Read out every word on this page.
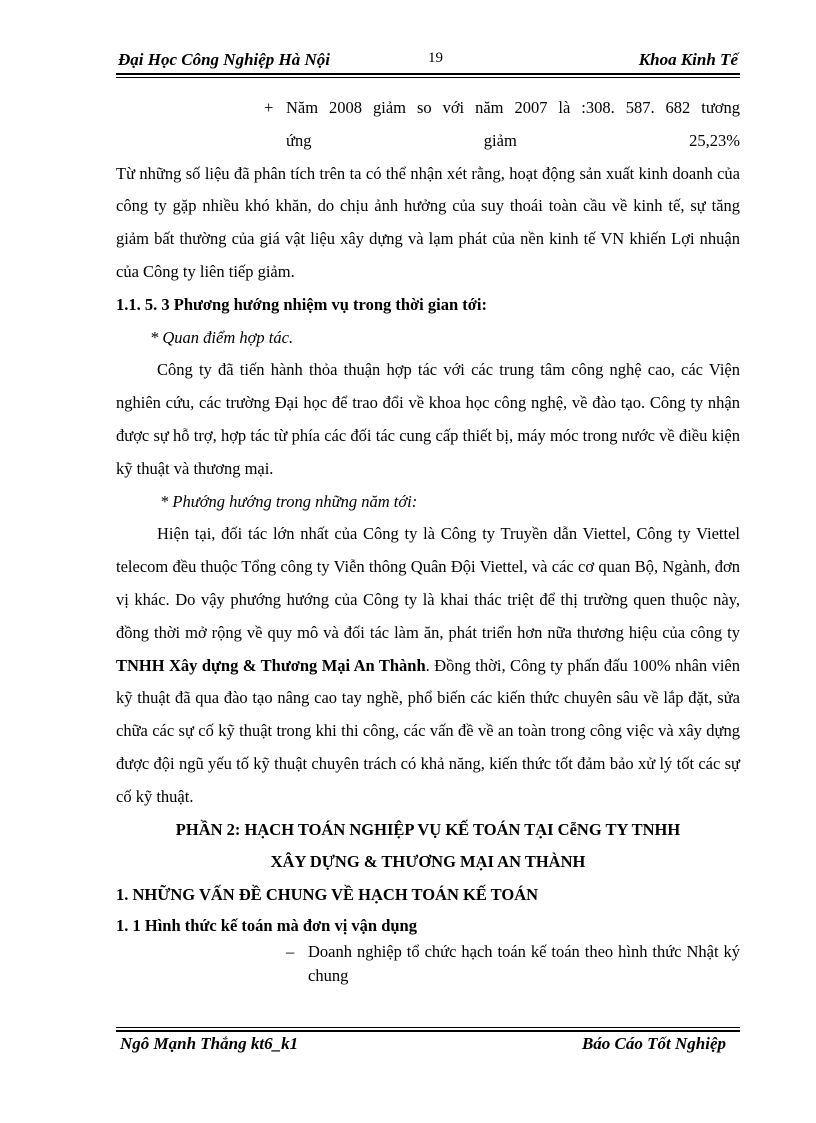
Đại Học Công Nghiệp Hà Nội	19	Khoa Kinh Tế
+ Năm 2008 giảm so với năm 2007 là :308. 587. 682 tương

ứng giảm 25,23%

Từ những số liệu đã phân tích trên ta có thể nhận xét rằng, hoạt động sản xuất kinh doanh của công ty gặp nhiều khó khăn, do chịu ảnh hưởng của suy thoái toàn cầu về kinh tế, sự tăng giảm bất thường của giá vật liệu xây dựng và lạm phát của nền kinh tế VN khiến Lợi nhuận của Công ty liên tiếp giảm.

1.1. 5. 3 Phương hướng nhiệm vụ trong thời gian tới:

* Quan điểm hợp tác.

Công ty đã tiến hành thỏa thuận hợp tác với các trung tâm công nghệ cao, các Viện nghiên cứu, các trường Đại học để trao đổi về khoa học công nghệ, về đào tạo. Công ty nhận được sự hỗ trợ, hợp tác từ phía các đối tác cung cấp thiết bị, máy móc trong nước về điều kiện kỹ thuật và thương mại.

* Phướng hướng trong những năm tới:

Hiện tại, đối tác lớn nhất của Công ty là Công ty Truyền dẫn Viettel, Công ty Viettel telecom đều thuộc Tổng công ty Viễn thông Quân Đội Viettel, và các cơ quan Bộ, Ngành, đơn vị khác. Do vậy phướng hướng của Công ty là khai thác triệt để thị trường quen thuộc này, đồng thời mở rộng về quy mô và đối tác làm ăn, phát triển hơn nữa thương hiệu của công ty TNHH Xây dựng & Thương Mại An Thành. Đồng thời, Công ty phấn đấu 100% nhân viên kỹ thuật đã qua đào tạo nâng cao tay nghề, phổ biến các kiến thức chuyên sâu về lắp đặt, sửa chữa các sự cố kỹ thuật trong khi thi công, các vấn đề về an toàn trong công việc và xây dựng được đội ngũ yếu tố kỹ thuật chuyên trách có khả năng, kiến thức tốt đảm bảo xử lý tốt các sự cố kỹ thuật.

PHẦN 2: HẠCH TOÁN NGHIỆP VỤ KẾ TOÁN TẠI CễNG TY TNHH

XÂY DỰNG & THƯƠNG MẠI AN THÀNH

1. NHỮNG VẤN ĐỀ CHUNG VỀ HẠCH TOÁN KẾ TOÁN

1. 1 Hình thức kế toán mà đơn vị vận dụng

– Doanh nghiệp tổ chức hạch toán kế toán theo hình thức Nhật ký chung

Ngô Mạnh Thắng kt6_k1	Báo Cáo Tốt Nghiệp
